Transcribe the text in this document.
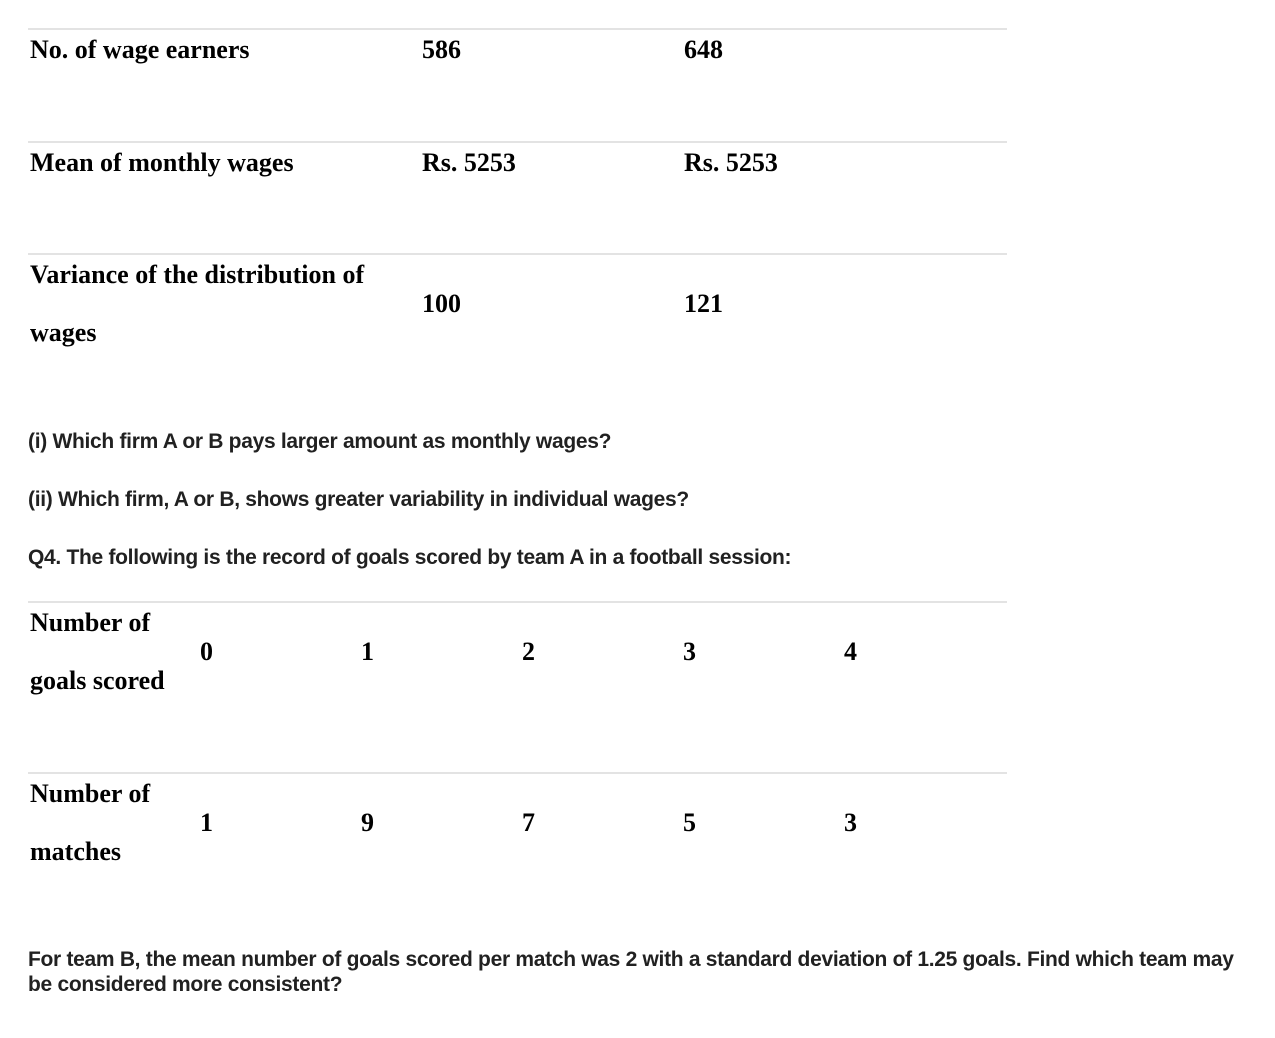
No. of wage earners	586	648

Mean of monthly wages	Rs. 5253	Rs. 5253

Variance of the distribution of wages	100	121
(i) Which firm A or B pays larger amount as monthly wages?
(ii) Which firm, A or B, shows greater variability in individual wages?
Q4. The following is the record of goals scored by team A in a football session:
Number of goals scored	0	1	2	3	4

Number of matches	1	9	7	5	3
For team B, the mean number of goals scored per match was 2 with a standard deviation of 1.25 goals. Find which team may
be considered more consistent?
